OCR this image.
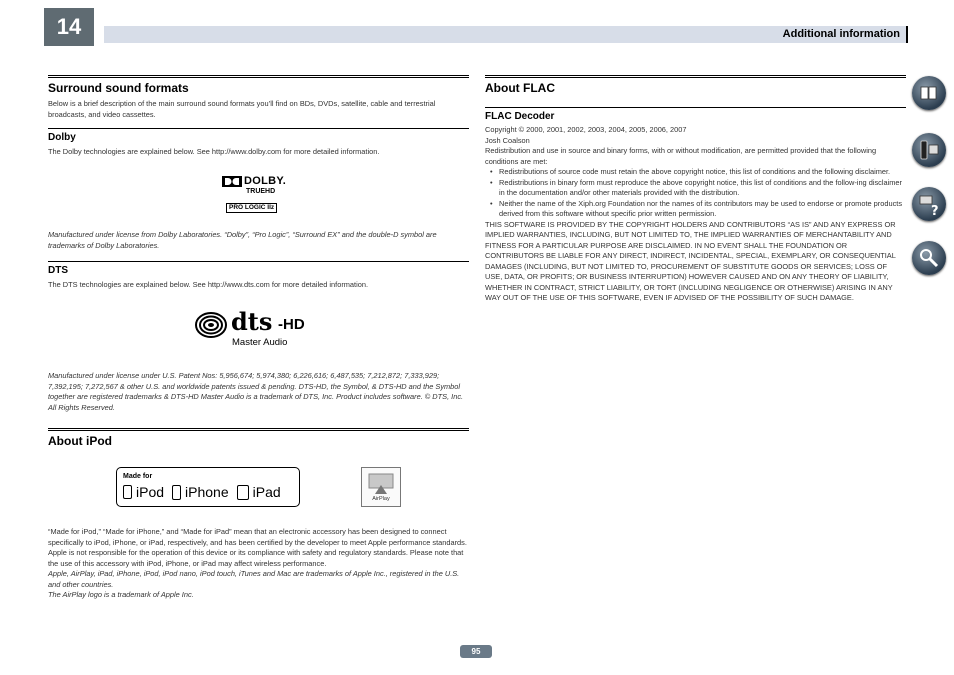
14	Additional information
Surround sound formats
Below is a brief description of the main surround sound formats you’ll find on BDs, DVDs, satellite, cable and terrestrial broadcasts, and video cassettes.
Dolby
The Dolby technologies are explained below. See http://www.dolby.com for more detailed information.
DOLBY.
TRUEHD
PRO LOGIC IIz
Manufactured under license from Dolby Laboratories. “Dolby”, “Pro Logic”, “Surround EX” and the double-D symbol are trademarks of Dolby Laboratories.
DTS
The DTS technologies are explained below. See http://www.dts.com for more detailed information.
dts -HD
Master Audio
Manufactured under license under U.S. Patent Nos: 5,956,674; 5,974,380; 6,226,616; 6,487,535; 7,212,872; 7,333,929; 7,392,195; 7,272,567 & other U.S. and worldwide patents issued & pending. DTS-HD, the Symbol, & DTS-HD and the Symbol together are registered trademarks & DTS-HD Master Audio is a trademark of DTS, Inc. Product includes software. © DTS, Inc. All Rights Reserved.
About iPod
Made for
iPod iPhone iPad	AirPlay
“Made for iPod,” “Made for iPhone,” and “Made for iPad” mean that an electronic accessory has been designed to connect specifically to iPod, iPhone, or iPad, respectively, and has been certified by the developer to meet Apple performance standards. Apple is not responsible for the operation of this device or its compliance with safety and regulatory standards. Please note that the use of this accessory with iPod, iPhone, or iPad may affect wireless performance.
Apple, AirPlay, iPad, iPhone, iPod, iPod nano, iPod touch, iTunes and Mac are trademarks of Apple Inc., registered in the U.S. and other countries.
The AirPlay logo is a trademark of Apple Inc.
About FLAC
FLAC Decoder
Copyright © 2000, 2001, 2002, 2003, 2004, 2005, 2006, 2007
Josh Coalson
Redistribution and use in source and binary forms, with or without modification, are permitted provided that the following conditions are met:
• Redistributions of source code must retain the above copyright notice, this list of conditions and the following disclaimer.
• Redistributions in binary form must reproduce the above copyright notice, this list of conditions and the follow-ing disclaimer in the documentation and/or other materials provided with the distribution.
• Neither the name of the Xiph.org Foundation nor the names of its contributors may be used to endorse or promote products derived from this software without specific prior written permission.
THIS SOFTWARE IS PROVIDED BY THE COPYRIGHT HOLDERS AND CONTRIBUTORS “AS IS” AND ANY EXPRESS OR IMPLIED WARRANTIES, INCLUDING, BUT NOT LIMITED TO, THE IMPLIED WARRANTIES OF MERCHANTABILITY AND FITNESS FOR A PARTICULAR PURPOSE ARE DISCLAIMED. IN NO EVENT SHALL THE FOUNDATION OR CONTRIBUTORS BE LIABLE FOR ANY DIRECT, INDIRECT, INCIDENTAL, SPECIAL, EXEMPLARY, OR CONSEQUENTIAL DAMAGES (INCLUDING, BUT NOT LIMITED TO, PROCUREMENT OF SUBSTITUTE GOODS OR SERVICES; LOSS OF USE, DATA, OR PROFITS; OR BUSINESS INTERRUPTION) HOWEVER CAUSED AND ON ANY THEORY OF LIABILITY, WHETHER IN CONTRACT, STRICT LIABILITY, OR TORT (INCLUDING NEGLIGENCE OR OTHERWISE) ARISING IN ANY WAY OUT OF THE USE OF THIS SOFTWARE, EVEN IF ADVISED OF THE POSSIBILITY OF SUCH DAMAGE.
?
95
